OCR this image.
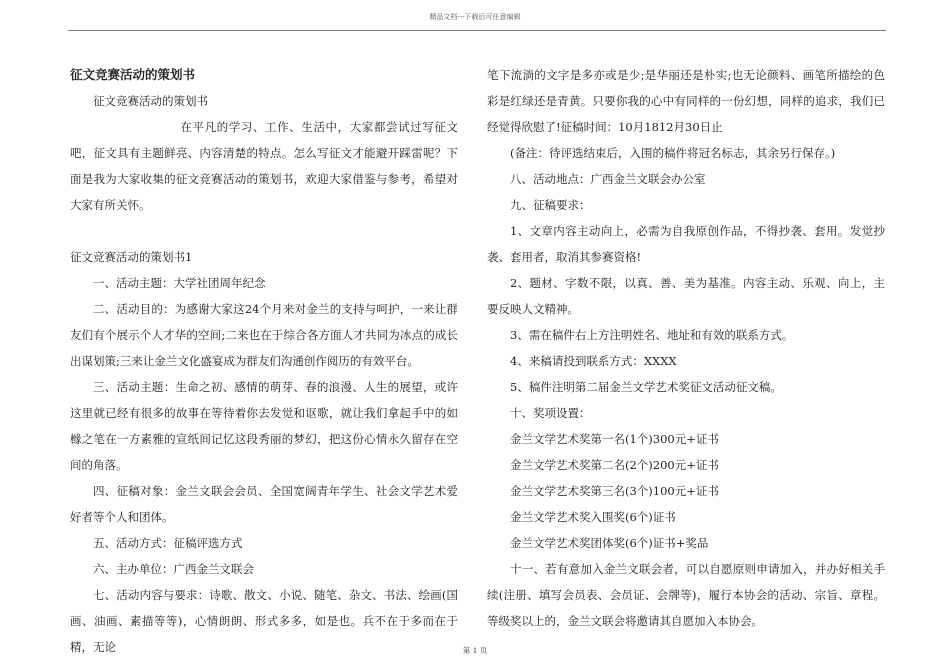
精品文档---下载后可任意编辑

征文竞赛活动的策划书

征文竞赛活动的策划书

在平凡的学习、工作、生活中，大家都尝试过写征文吧，征文具有主题鲜亮、内容清楚的特点。怎么写征文才能避开踩雷呢？下面是我为大家收集的征文竞赛活动的策划书，欢迎大家借鉴与参考，希望对大家有所关怀。

征文竞赛活动的策划书1

一、活动主题：大学社团周年纪念

二、活动目的：为感谢大家这24个月来对金兰的支持与呵护，一来让群友们有个展示个人才华的空间;二来也在于综合各方面人才共同为冰点的成长出谋划策;三来让金兰文化盛宴成为群友们沟通创作阅历的有效平台。

三、活动主题：生命之初、感情的萌芽、春的浪漫、人生的展望，或许这里就已经有很多的故事在等待着你去发觉和讴歌，就让我们拿起手中的如橼之笔在一方素雅的宣纸间记忆这段秀丽的梦幻，把这份心情永久留存在空间的角落。

四、征稿对象：金兰文联会会员、全国宽阔青年学生、社会文学艺术爱好者等个人和团体。

五、活动方式：征稿评选方式

六、主办单位：广西金兰文联会

七、活动内容与要求：诗歌、散文、小说、随笔、杂文、书法、绘画(国画、油画、素描等等)，心情朗朗、形式多多，如是也。兵不在于多而在于精，无论

笔下流淌的文字是多亦或是少;是华丽还是朴实;也无论颜料、画笔所描绘的色彩是红绿还是青黄。只要你我的心中有同样的一份幻想，同样的追求，我们已经觉得欣慰了!征稿时间：10月1812月30日止

(备注：待评选结束后，入围的稿件将冠名标志，其余另行保存。)

八、活动地点：广西金兰文联会办公室

九、征稿要求：

1、文章内容主动向上，必需为自我原创作品，不得抄袭、套用。发觉抄袭、套用者，取消其参赛资格!

2、题材、字数不限，以真、善、美为基准。内容主动、乐观、向上，主要反映人文精神。

3、需在稿件右上方注明姓名、地址和有效的联系方式。

4、来稿请投到联系方式：XXXX

5、稿件注明第二届金兰文学艺术奖征文活动征文稿。

十、奖项设置：

金兰文学艺术奖第一名(1个)300元+证书

金兰文学艺术奖第二名(2个)200元+证书

金兰文学艺术奖第三名(3个)100元+证书

金兰文学艺术奖入围奖(6个)证书

金兰文学艺术奖团体奖(6个)证书+奖品

十一、若有意加入金兰文联会者，可以自愿原则申请加入，并办好相关手续(注册、填写会员表、会员证、会牌等)，履行本协会的活动、宗旨、章程。等级奖以上的，金兰文联会将邀请其自愿加入本协会。

第 1 页
